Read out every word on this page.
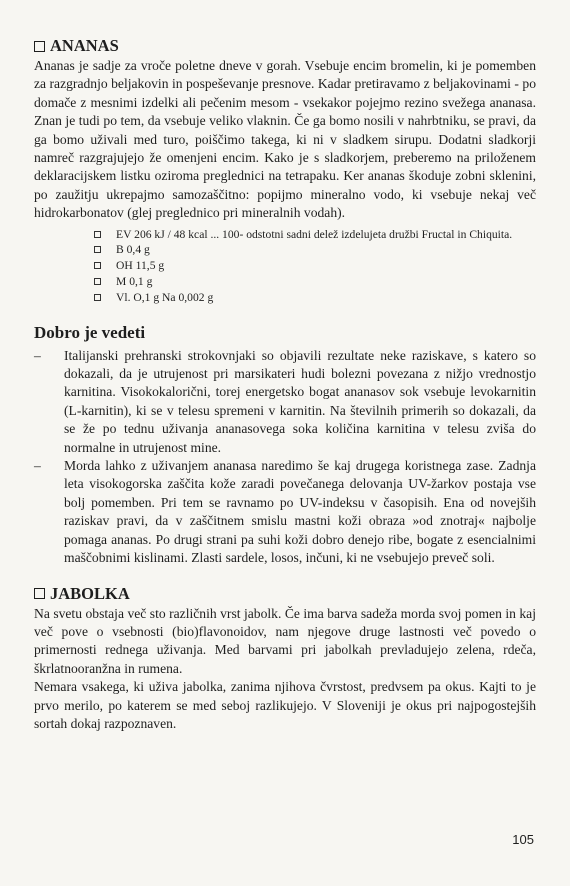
ANANAS

Ananas je sadje za vroče poletne dneve v gorah. Vsebuje encim bromelin, ki je pomemben za razgradnjo beljakovin in pospeševanje presnove. Kadar pretiravamo z beljakovinami - po domače z mesnimi izdelki ali pečenim mesom - vsekakor pojejmo rezino svežega ananasa. Znan je tudi po tem, da vsebuje veliko vlaknin. Če ga bomo nosili v nahrbtniku, se pravi, da ga bomo uživali med turo, poiščimo takega, ki ni v sladkem sirupu. Dodatni sladkorji namreč razgrajujejo že omenjeni encim. Kako je s sladkorjem, preberemo na priloženem deklaracijskem listku oziroma preglednici na tetrapaku. Ker ananas škoduje zobni sklenini, po zaužitju ukrepajmo samozaščitno: popijmo mineralno vodo, ki vsebuje nekaj več hidrokarbonatov (glej preglednico pri mineralnih vodah).

EV 206 kJ / 48 kcal ... 100- odstotni sadni delež izdelujeta družbi Fructal in Chiquita.
B 0,4 g
OH 11,5 g
M 0,1 g
Vl. O,1 g Na 0,002 g
Dobro je vedeti
– Italijanski prehranski strokovnjaki so objavili rezultate neke raziskave, s katero so dokazali, da je utrujenost pri marsikateri hudi bolezni povezana z nižjo vrednostjo karnitina. Visokokalorični, torej energetsko bogat ananasov sok vsebuje levokarnitin (L-karnitin), ki se v telesu spremeni v karnitin. Na številnih primerih so dokazali, da se že po tednu uživanja ananasovega soka količina karnitina v telesu zviša do normalne in utrujenost mine.
– Morda lahko z uživanjem ananasa naredimo še kaj drugega koristnega zase. Zadnja leta visokogorska zaščita kože zaradi povečanega delovanja UV-žarkov postaja vse bolj pomemben. Pri tem se ravnamo po UV-indeksu v časopisih. Ena od novejših raziskav pravi, da v zaščitnem smislu mastni koži obraza »od znotraj« najbolje pomaga ananas. Po drugi strani pa suhi koži dobro denejo ribe, bogate z esencialnimi maščobnimi kislinami. Zlasti sardele, losos, inčuni, ki ne vsebujejo preveč soli.
JABOLKA

Na svetu obstaja več sto različnih vrst jabolk. Če ima barva sadeža morda svoj pomen in kaj več pove o vsebnosti (bio)flavonoidov, nam njegove druge lastnosti več povedo o primernosti rednega uživanja. Med barvami pri jabolkah prevladujejo zelena, rdeča, škrlatnooranžna in rumena.

Nemara vsakega, ki uživa jabolka, zanima njihova čvrstost, predvsem pa okus. Kajti to je prvo merilo, po katerem se med seboj razlikujejo. V Sloveniji je okus pri najpogostejših sortah dokaj razpoznaven.

105
